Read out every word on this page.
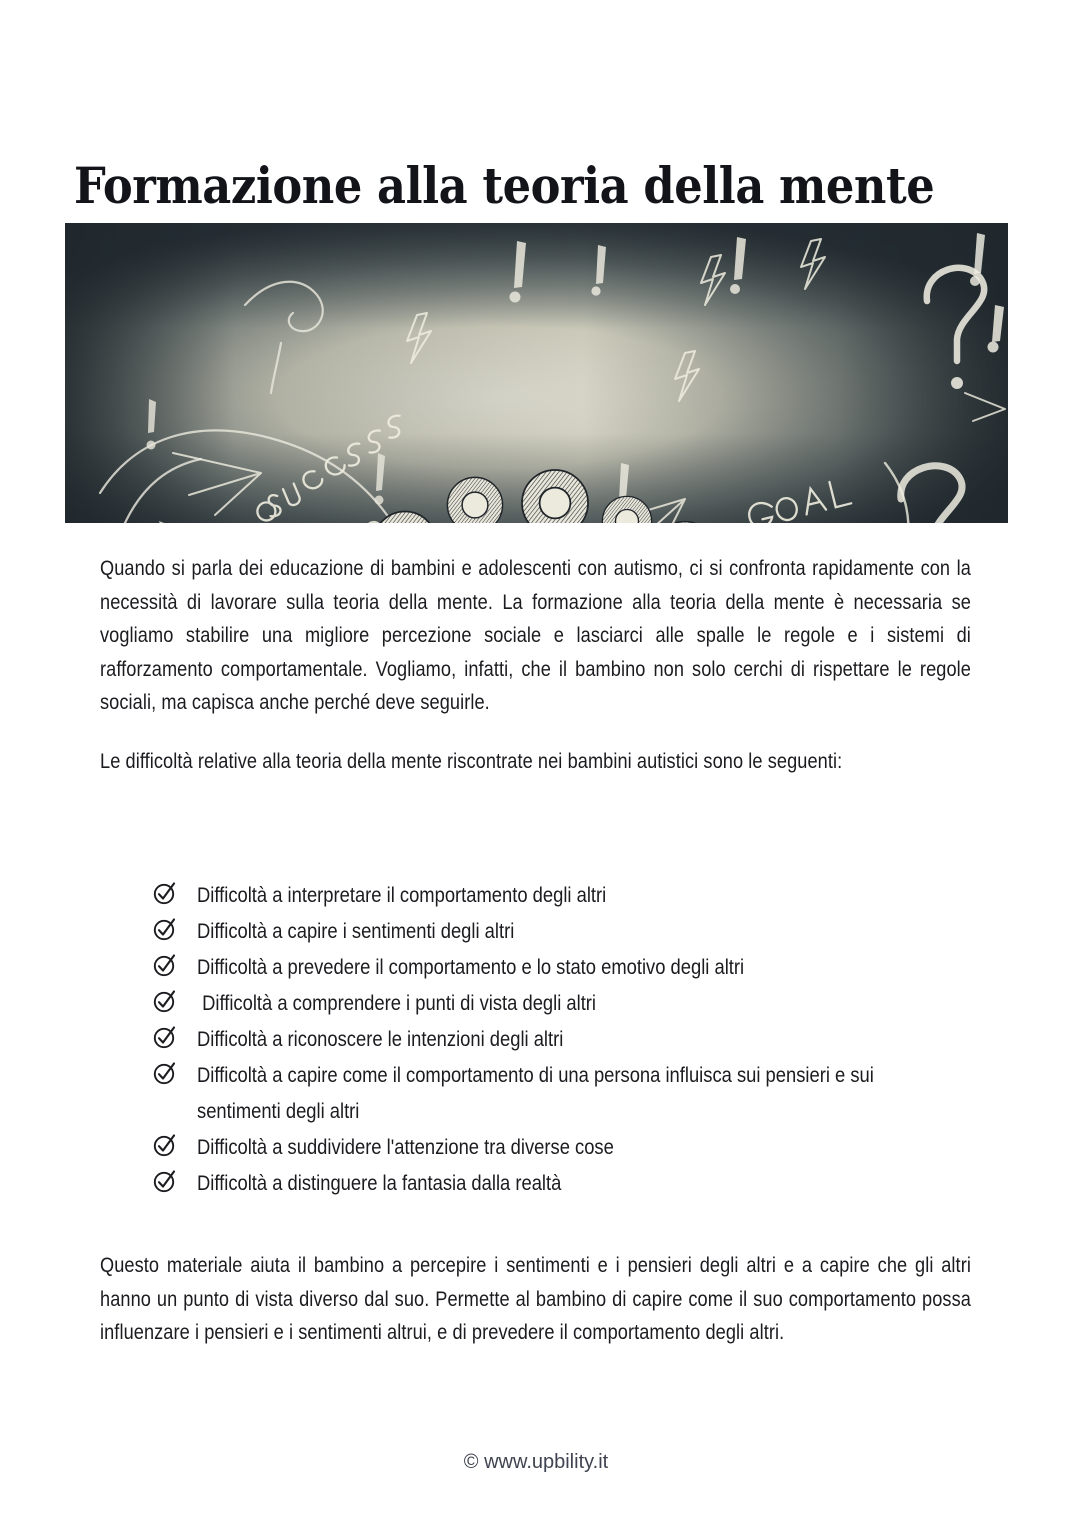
Formazione alla teoria della mente

Quando si parla dei educazione di bambini e adolescenti con autismo, ci si confronta rapidamente con la necessità di lavorare sulla teoria della mente. La formazione alla teoria della mente è necessaria se vogliamo stabilire una migliore percezione sociale e lasciarci alle spalle le regole e i sistemi di rafforzamento comportamentale. Vogliamo, infatti, che il bambino non solo cerchi di rispettare le regole sociali, ma capisca anche perché deve seguirle.

Le difficoltà relative alla teoria della mente riscontrate nei bambini autistici sono le seguenti:

Difficoltà a interpretare il comportamento degli altri
Difficoltà a capire i sentimenti degli altri
Difficoltà a prevedere il comportamento e lo stato emotivo degli altri
Difficoltà a comprendere i punti di vista degli altri
Difficoltà a riconoscere le intenzioni degli altri
Difficoltà a capire come il comportamento di una persona influisca sui pensieri e sui sentimenti degli altri
Difficoltà a suddividere l'attenzione tra diverse cose
Difficoltà a distinguere la fantasia dalla realtà

Questo materiale aiuta il bambino a percepire i sentimenti e i pensieri degli altri e a capire che gli altri hanno un punto di vista diverso dal suo. Permette al bambino di capire come il suo comportamento possa influenzare i pensieri e i sentimenti altrui, e di prevedere il comportamento degli altri.

© www.upbility.it
